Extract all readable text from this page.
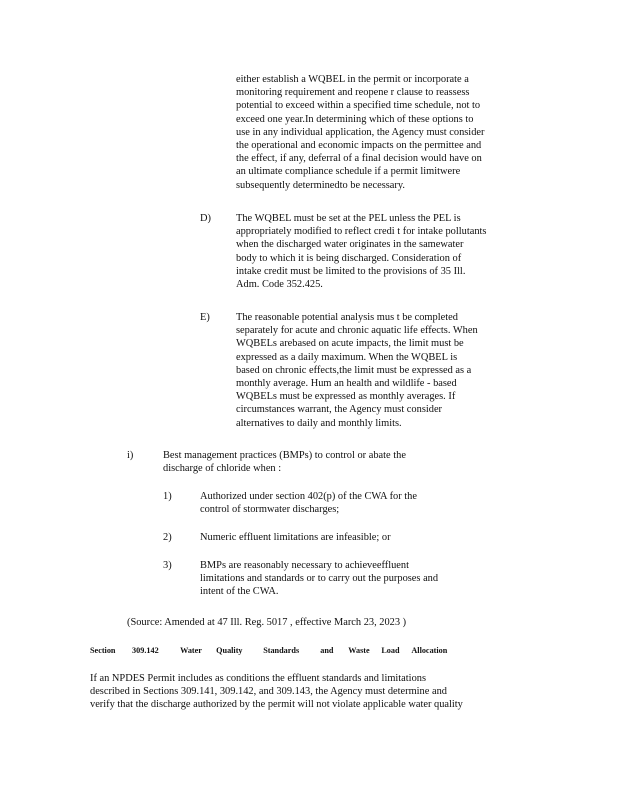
either establish a WQBEL in the permit or incorporate a
monitoring requirement and reopene r clause to reassess
potential to exceed within a specified time schedule, not to
exceed one year.In determining which of these options to
use in any individual application, the Agency must consider
the operational and economic impacts on the permittee and
the effect, if any, deferral of a final decision would have on
an ultimate compliance schedule if a permit limitwere
subsequently determinedto be necessary.
D) The WQBEL must be set at the PEL unless the PEL is
appropriately modified to reflect credi t for intake pollutants
when the discharged water originates in the samewater
body to which it is being discharged. Consideration of
intake credit must be limited to the provisions of 35 Ill.
Adm. Code 352.425.
E)	The reasonable potential analysis mus t be completed
separately for acute and chronic aquatic life effects. When
WQBELs arebased on acute impacts, the limit must be
expressed as a daily maximum. When the WQBEL is
based on chronic effects,the limit must be expressed as a
monthly average. Hum an health and wildlife - based
WQBELs must be expressed as monthly averages. If
circumstances warrant, the Agency must consider
alternatives to daily and monthly limits.
i)	Best management practices (BMPs) to control or abate the
discharge of chloride when :
1)	Authorized under section 402(p) of the CWA for the
control of stormwater discharges;
2)	Numeric effluent limitations are infeasible; or
3)	BMPs are reasonably necessary to achieveeffluent
limitations and standards or to carry out the purposes and
intent of the CWA.
(Source: Amended at 47 Ill. Reg. 5017 , effective March 23, 2023 )
Section 309.142	Water Quality	Standards	and Waste Load Allocation
If an NPDES Permit includes as conditions the effluent standards and limitations
described in Sections 309.141, 309.142, and 309.143, the Agency must determine and
verify that the discharge authorized by the permit will not violate applicable water quality
